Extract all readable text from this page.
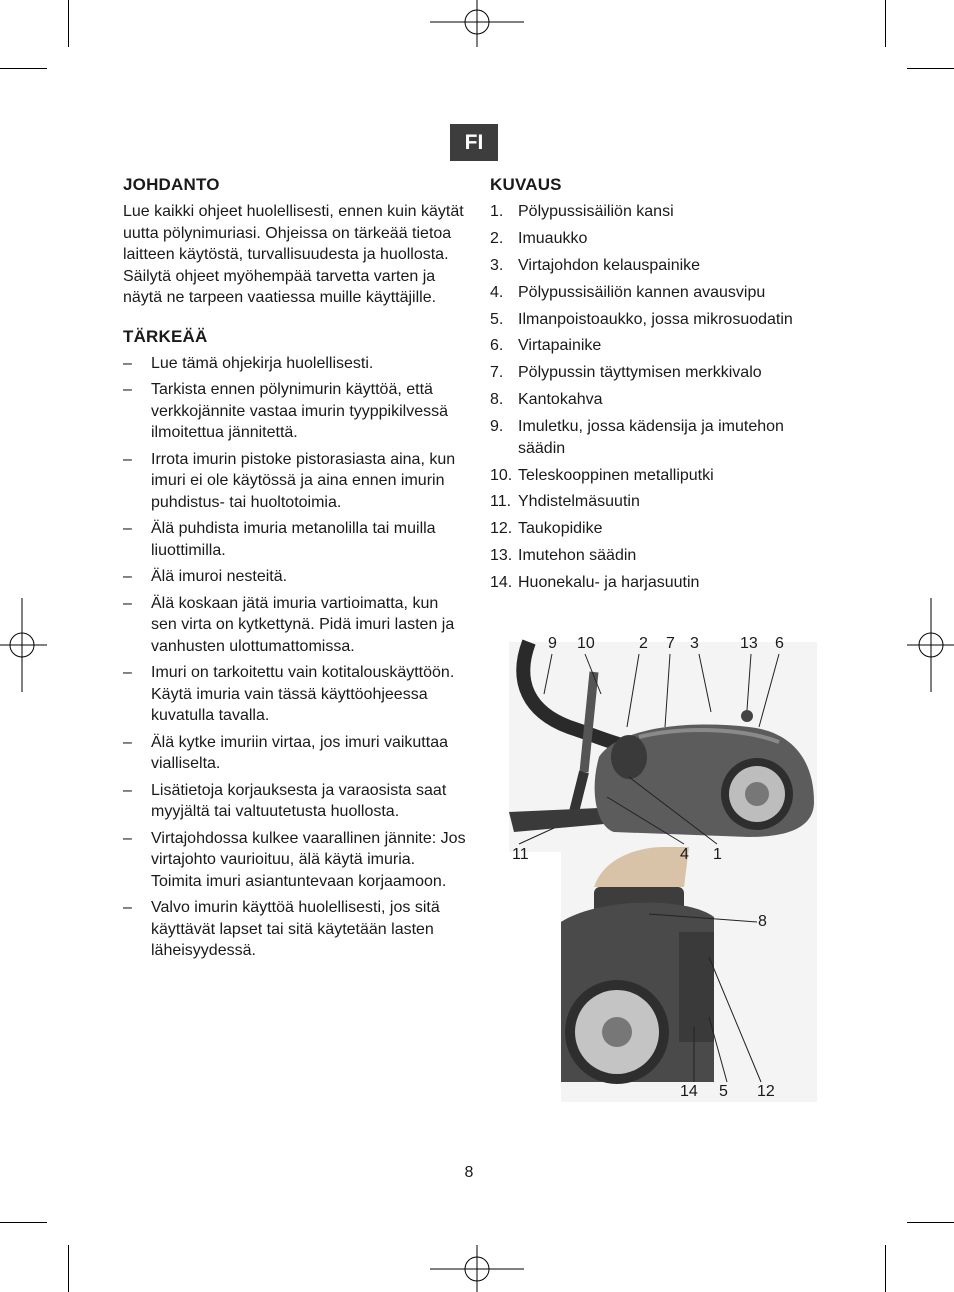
FI
JOHDANTO

Lue kaikki ohjeet huolellisesti, ennen kuin käytät uutta pölynimuriasi. Ohjeissa on tärkeää tietoa laitteen käytöstä, turvallisuudesta ja huollosta. Säilytä ohjeet myöhempää tarvetta varten ja näytä ne tarpeen vaatiessa muille käyttäjille.

TÄRKEÄÄ
– Lue tämä ohjekirja huolellisesti.
– Tarkista ennen pölynimurin käyttöä, että verkkojännite vastaa imurin tyyppikilvessä ilmoitettua jännitettä.
– Irrota imurin pistoke pistorasiasta aina, kun imuri ei ole käytössä ja aina ennen imurin puhdistus- tai huoltotoimia.
– Älä puhdista imuria metanolilla tai muilla liuottimilla.
– Älä imuroi nesteitä.
– Älä koskaan jätä imuria vartioimatta, kun sen virta on kytkettynä. Pidä imuri lasten ja vanhusten ulottumattomissa.
– Imuri on tarkoitettu vain kotitalouskäyttöön. Käytä imuria vain tässä käyttöohjeessa kuvatulla tavalla.
– Älä kytke imuriin virtaa, jos imuri vaikuttaa vialliselta.
– Lisätietoja korjauksesta ja varaosista saat myyjältä tai valtuutetusta huollosta.
– Virtajohdossa kulkee vaarallinen jännite: Jos virtajohto vaurioituu, älä käytä imuria. Toimita imuri asiantuntevaan korjaamoon.
– Valvo imurin käyttöä huolellisesti, jos sitä käyttävät lapset tai sitä käytetään lasten läheisyydessä.
KUVAUS
1. Pölypussisäiliön kansi
2. Imuaukko
3. Virtajohdon kelauspainike
4. Pölypussisäiliön kannen avausvipu
5. Ilmanpoistoaukko, jossa mikrosuodatin
6. Virtapainike
7. Pölypussin täyttymisen merkkivalo
8. Kantokahva
9. Imuletku, jossa kädensija ja imutehon säädin
10. Teleskooppinen metalliputki
11. Yhdistelmäsuutin
12. Taukopidike
13. Imutehon säädin
14. Huonekalu- ja harjasuutin
9 10	2 7 3	13 6
11	4 1
8
14 5 12
8
